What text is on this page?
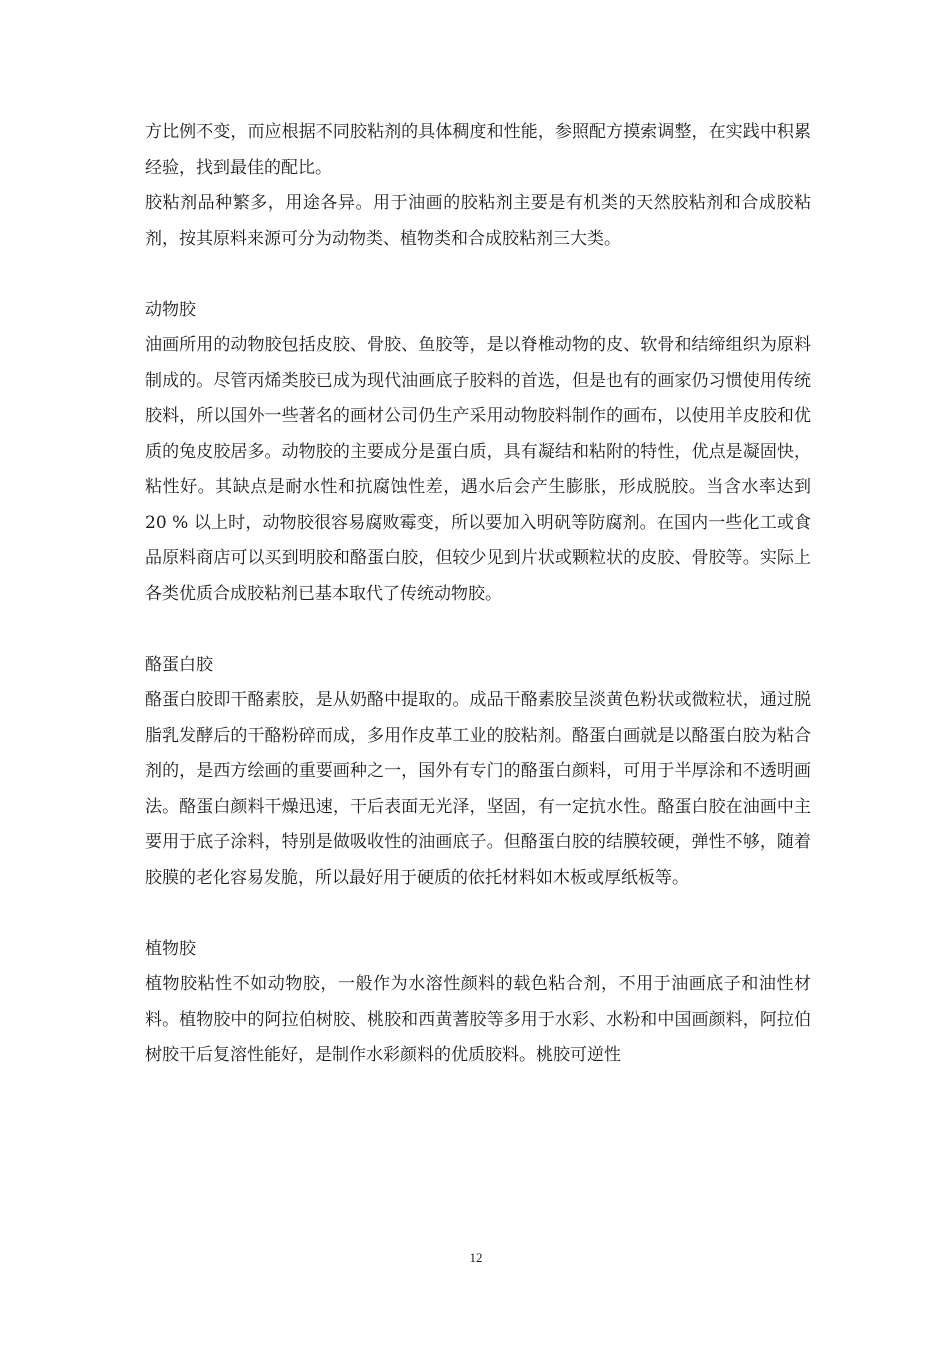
方比例不变，而应根据不同胶粘剂的具体稠度和性能，参照配方摸索调整，在实践中积累经验，找到最佳的配比。

胶粘剂品种繁多，用途各异。用于油画的胶粘剂主要是有机类的天然胶粘剂和合成胶粘剂，按其原料来源可分为动物类、植物类和合成胶粘剂三大类。

动物胶

油画所用的动物胶包括皮胶、骨胶、鱼胶等，是以脊椎动物的皮、软骨和结缔组织为原料制成的。尽管丙烯类胶已成为现代油画底子胶料的首选，但是也有的画家仍习惯使用传统胶料，所以国外一些著名的画材公司仍生产采用动物胶料制作的画布，以使用羊皮胶和优质的兔皮胶居多。动物胶的主要成分是蛋白质，具有凝结和粘附的特性，优点是凝固快，粘性好。其缺点是耐水性和抗腐蚀性差，遇水后会产生膨胀，形成脱胶。当含水率达到 20 % 以上时，动物胶很容易腐败霉变，所以要加入明矾等防腐剂。在国内一些化工或食品原料商店可以买到明胶和酪蛋白胶，但较少见到片状或颗粒状的皮胶、骨胶等。实际上各类优质合成胶粘剂已基本取代了传统动物胶。

酪蛋白胶

酪蛋白胶即干酪素胶，是从奶酪中提取的。成品干酪素胶呈淡黄色粉状或微粒状，通过脱脂乳发酵后的干酪粉碎而成，多用作皮革工业的胶粘剂。酪蛋白画就是以酪蛋白胶为粘合剂的，是西方绘画的重要画种之一，国外有专门的酪蛋白颜料，可用于半厚涂和不透明画法。酪蛋白颜料干燥迅速，干后表面无光泽，坚固，有一定抗水性。酪蛋白胶在油画中主要用于底子涂料，特别是做吸收性的油画底子。但酪蛋白胶的结膜较硬，弹性不够，随着胶膜的老化容易发脆，所以最好用于硬质的依托材料如木板或厚纸板等。

植物胶

植物胶粘性不如动物胶，一般作为水溶性颜料的载色粘合剂，不用于油画底子和油性材料。植物胶中的阿拉伯树胶、桃胶和西黄蓍胶等多用于水彩、水粉和中国画颜料，阿拉伯树胶干后复溶性能好，是制作水彩颜料的优质胶料。桃胶可逆性

12
